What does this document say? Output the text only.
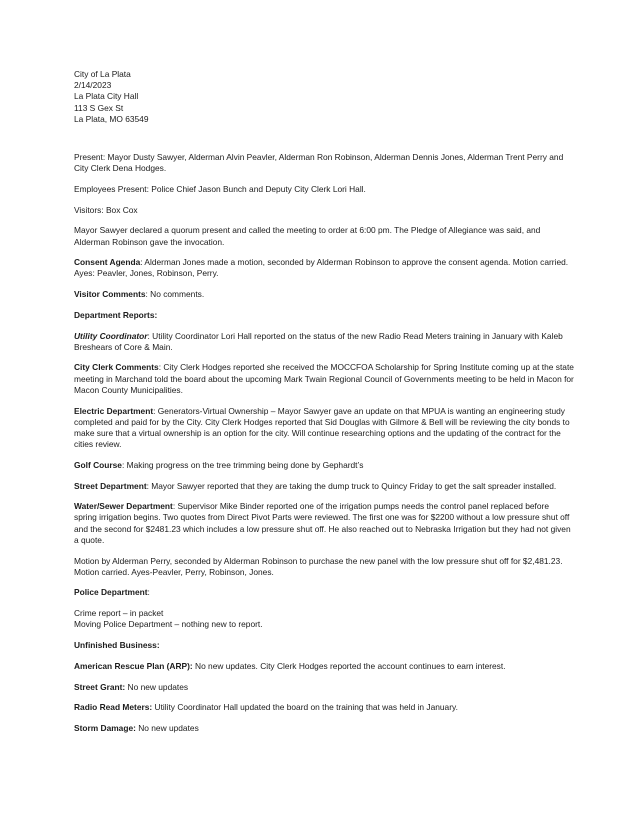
City of La Plata
2/14/2023
La Plata City Hall
113 S Gex St
La Plata, MO 63549

Present: Mayor Dusty Sawyer, Alderman Alvin Peavler, Alderman Ron Robinson, Alderman Dennis Jones, Alderman Trent Perry and City Clerk Dena Hodges.

Employees Present: Police Chief Jason Bunch and Deputy City Clerk Lori Hall.

Visitors: Box Cox

Mayor Sawyer declared a quorum present and called the meeting to order at 6:00 pm. The Pledge of Allegiance was said, and Alderman Robinson gave the invocation.

Consent Agenda: Alderman Jones made a motion, seconded by Alderman Robinson to approve the consent agenda. Motion carried. Ayes: Peavler, Jones, Robinson, Perry.

Visitor Comments: No comments.

Department Reports:

Utility Coordinator: Utility Coordinator Lori Hall reported on the status of the new Radio Read Meters training in January with Kaleb Breshears of Core & Main.

City Clerk Comments: City Clerk Hodges reported she received the MOCCFOA Scholarship for Spring Institute coming up at the state meeting in Marchand told the board about the upcoming Mark Twain Regional Council of Governments meeting to be held in Macon for Macon County Municipalities.

Electric Department: Generators-Virtual Ownership – Mayor Sawyer gave an update on that MPUA is wanting an engineering study completed and paid for by the City. City Clerk Hodges reported that Sid Douglas with Gilmore & Bell will be reviewing the city bonds to make sure that a virtual ownership is an option for the city. Will continue researching options and the updating of the contract for the cities review.

Golf Course: Making progress on the tree trimming being done by Gephardt’s

Street Department: Mayor Sawyer reported that they are taking the dump truck to Quincy Friday to get the salt spreader installed.

Water/Sewer Department: Supervisor Mike Binder reported one of the irrigation pumps needs the control panel replaced before spring irrigation begins. Two quotes from Direct Pivot Parts were reviewed. The first one was for $2200 without a low pressure shut off and the second for $2481.23 which includes a low pressure shut off. He also reached out to Nebraska Irrigation but they had not given a quote.

Motion by Alderman Perry, seconded by Alderman Robinson to purchase the new panel with the low pressure shut off for $2,481.23. Motion carried. Ayes-Peavler, Perry, Robinson, Jones.

Police Department:

Crime report – in packet

Moving Police Department – nothing new to report.

Unfinished Business:

American Rescue Plan (ARP): No new updates. City Clerk Hodges reported the account continues to earn interest.

Street Grant: No new updates

Radio Read Meters: Utility Coordinator Hall updated the board on the training that was held in January.

Storm Damage: No new updates
